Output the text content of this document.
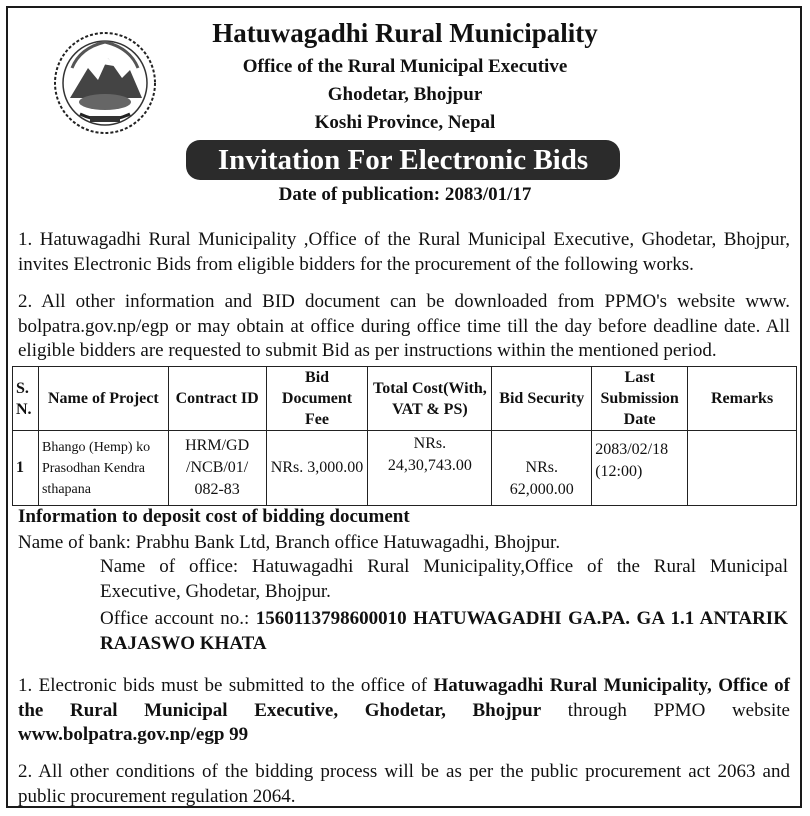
Hatuwagadhi Rural Municipality
Office of the Rural Municipal Executive
Ghodetar, Bhojpur
Koshi Province, Nepal
Invitation For Electronic Bids
Date of publication: 2083/01/17

1. Hatuwagadhi Rural Municipality ,Office of the Rural Municipal Executive, Ghodetar, Bhojpur, invites Electronic Bids from eligible bidders for the procurement of the following works.

2. All other information and BID document can be downloaded from PPMO's website www. bolpatra.gov.np/egp or may obtain at office during office time till the day before deadline date. All eligible bidders are requested to submit Bid as per instructions within the mentioned period.

S. N.	Name of Project	Contract ID	Bid Document Fee	Total Cost(With, VAT & PS)	Bid Security	Last Submission Date	Remarks
1	Bhango (Hemp) ko Prasodhan Kendra sthapana	HRM/GD /NCB/01/ 082-83	NRs. 3,000.00	NRs. 24,30,743.00	NRs. 62,000.00	2083/02/18 (12:00)	
Information to deposit cost of bidding document
Name of bank: Prabhu Bank Ltd, Branch office Hatuwagadhi, Bhojpur.
Name of office: Hatuwagadhi Rural Municipality,Office of the Rural Municipal Executive, Ghodetar, Bhojpur.
Office account no.: 1560113798600010 HATUWAGADHI GA.PA. GA 1.1 ANTARIK RAJASWO KHATA
1. Electronic bids must be submitted to the office of Hatuwagadhi Rural Municipality, Office of the Rural Municipal Executive, Ghodetar, Bhojpur through PPMO website www.bolpatra.gov.np/egp 99
2. All other conditions of the bidding process will be as per the public procurement act 2063 and public procurement regulation 2064.
